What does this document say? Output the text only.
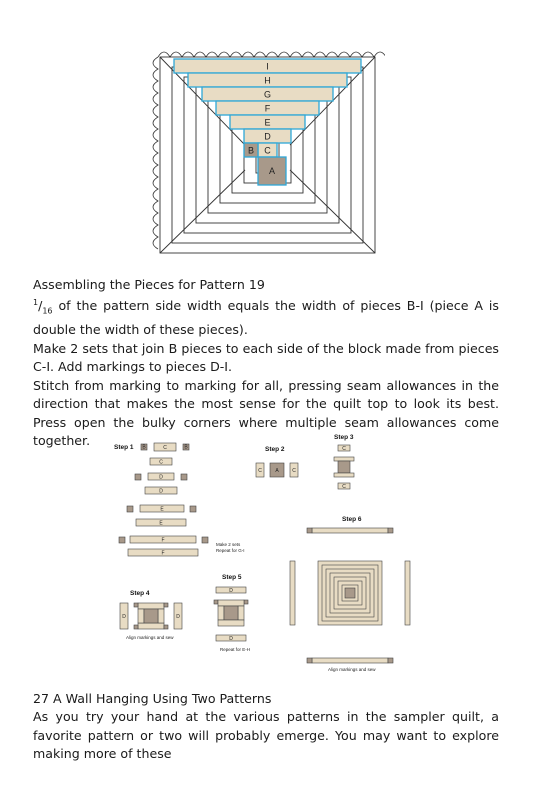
I
H
G
F
E
D
C
B
A
Assembling the Pieces for Pattern 19

$^1/_{16}$ of the pattern side width equals the width of pieces B-I (piece A is double the width of these pieces).

Make 2 sets that join B pieces to each side of the block made from pieces C-I. Add markings to pieces D-I.

Stitch from marking to marking for all, pressing seam allowances in the direction that makes the most sense for the quilt top to look its best. Press open the bulky corners where multiple seam allowances come together.	Step 1 B	C	B
C
D
D
E
E
F
F
Make 2 sets
Repeat for G-I
Step 2
C	A	C
Step 3
C
C
Step 4
D	D
Align markings and sew
Step 5
D
D
Repeat for E-H
Step 6
Align markings and sew
27 A Wall Hanging Using Two Patterns

As you try your hand at the various patterns in the sampler quilt, a favorite pattern or two will probably emerge. You may want to explore making more of these
